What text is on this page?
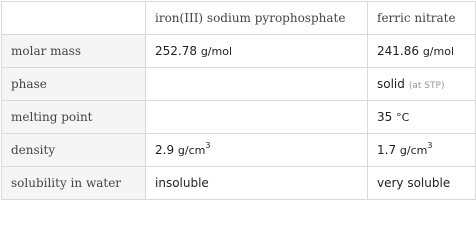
	iron(III) sodium pyrophosphate	ferric nitrate
molar mass	252.78 g/mol	241.86 g/mol
phase		solid (at STP)
melting point		35 °C
density	2.9 $g/cm^3$	1.7 $g/cm^3$
solubility in water	insoluble	very soluble
